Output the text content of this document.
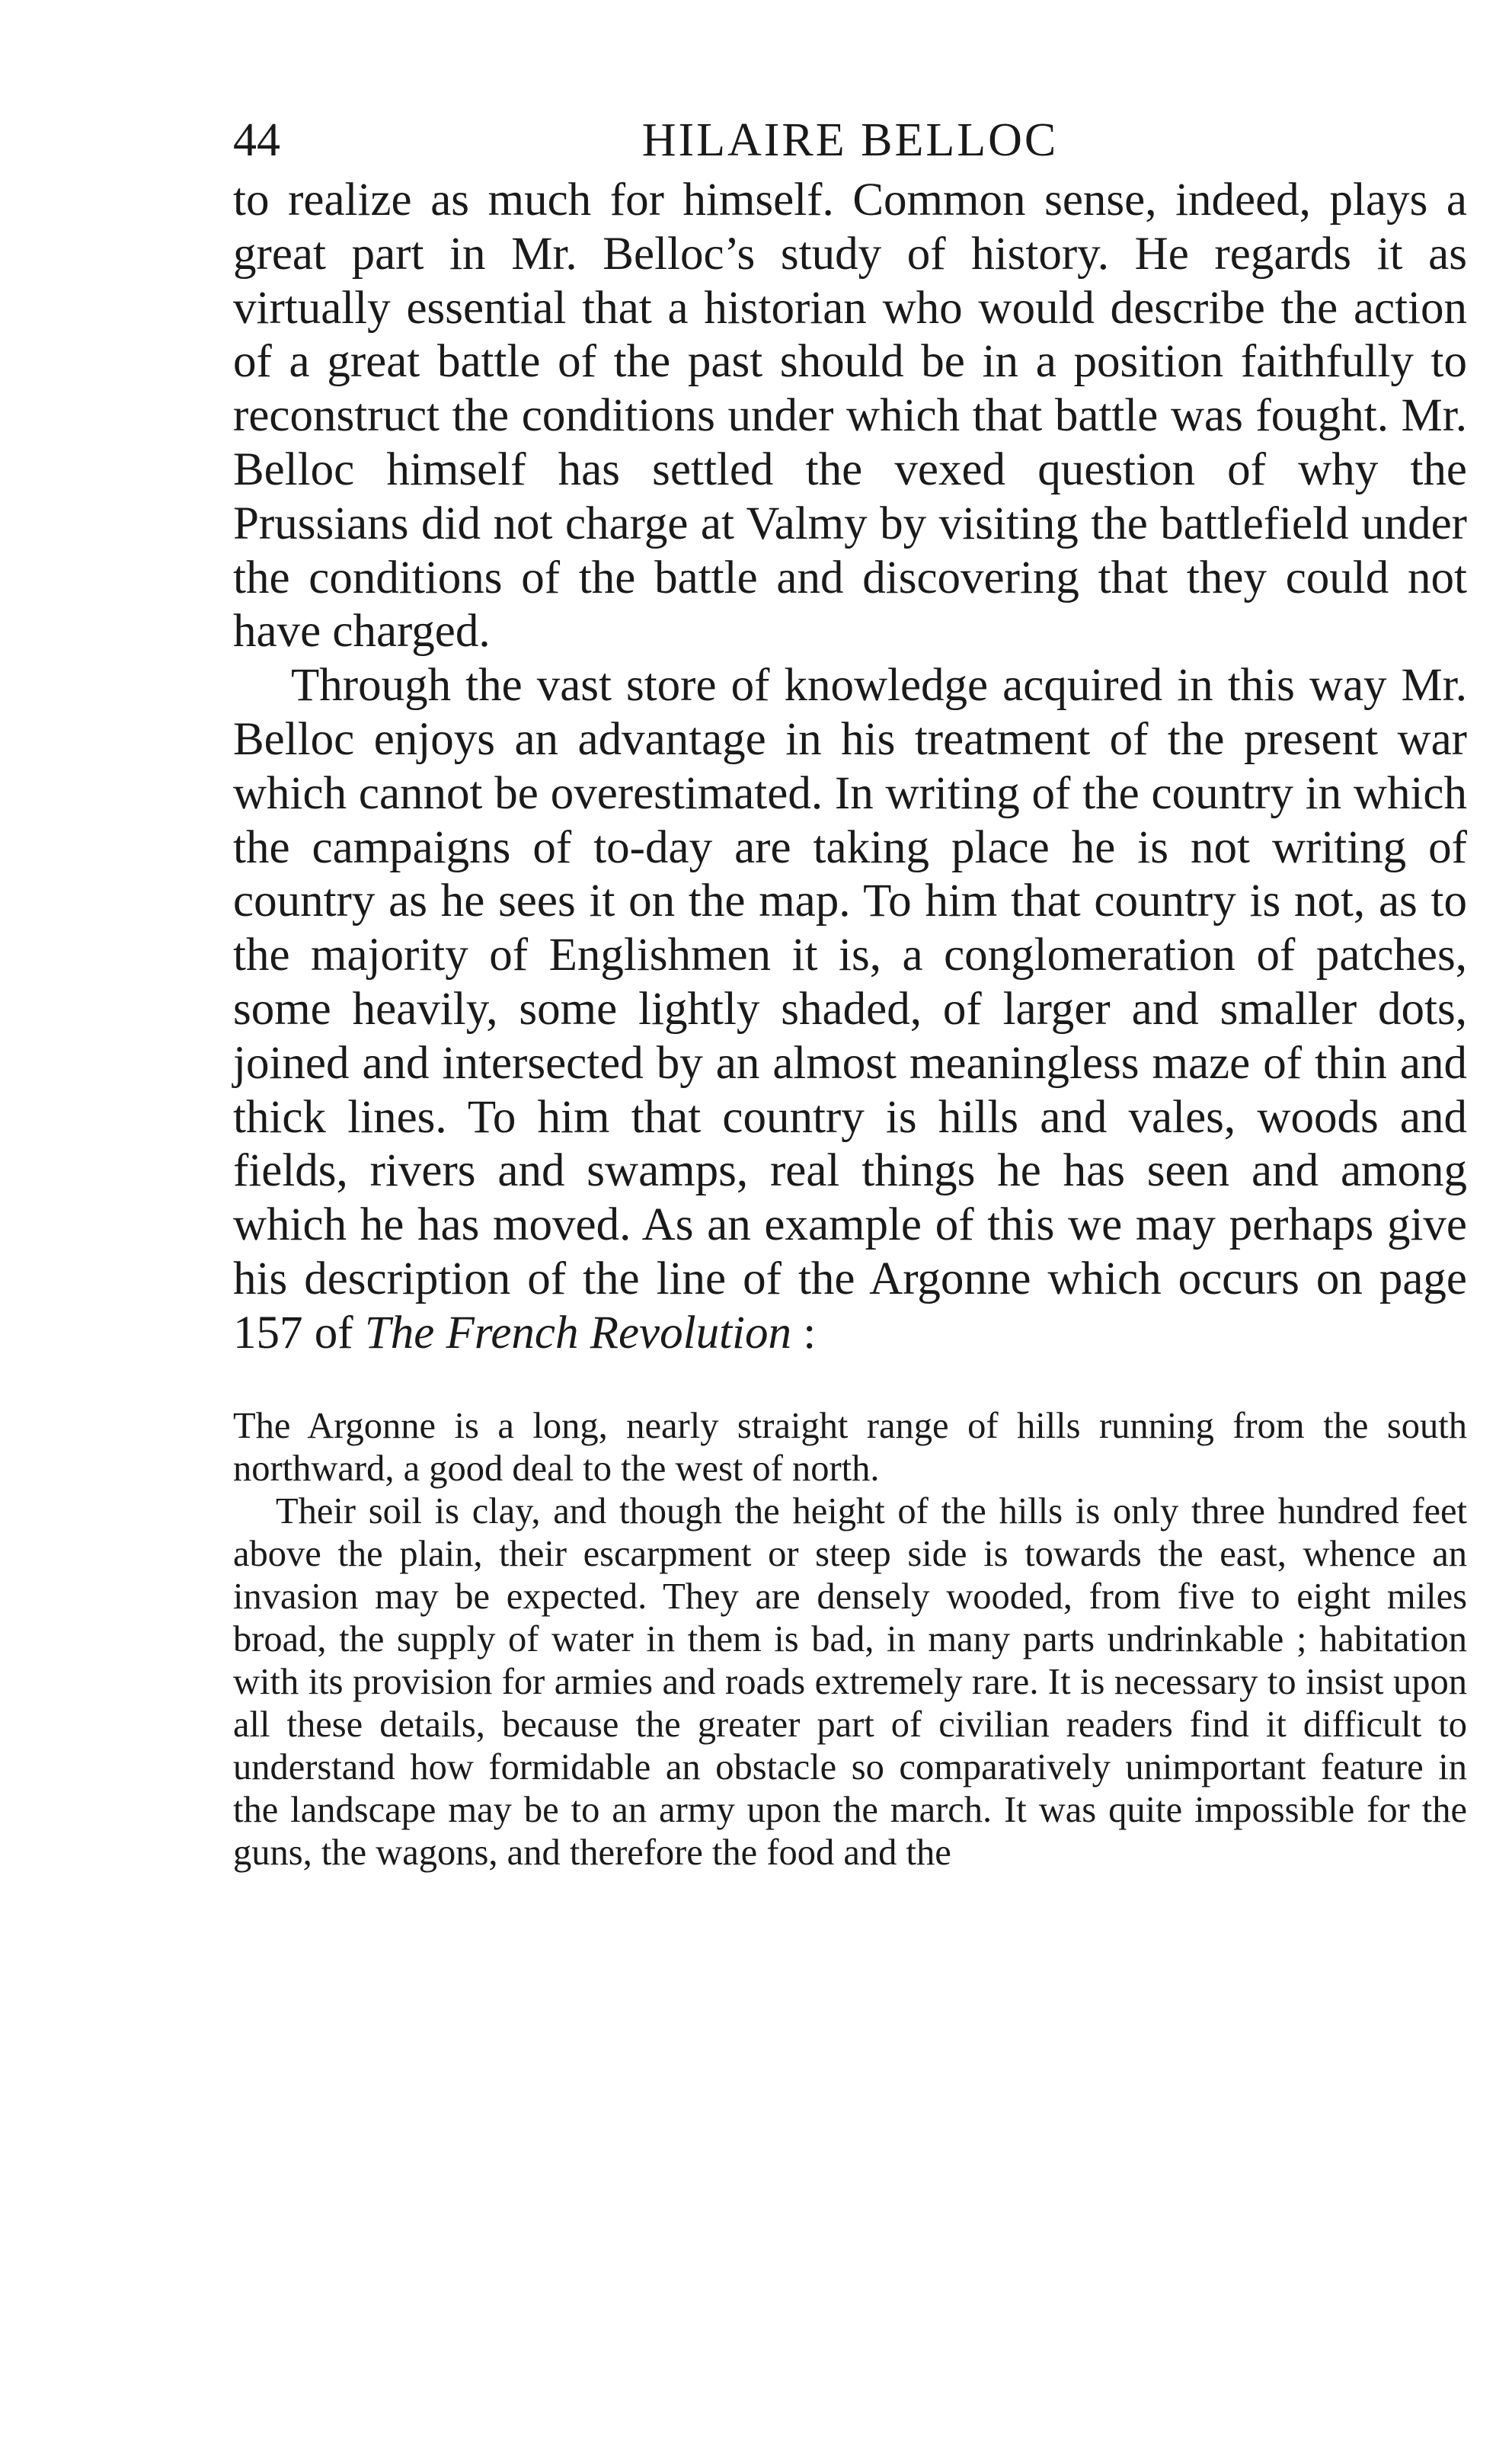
44	HILAIRE BELLOC

to realize as much for himself. Common sense, indeed, plays a great part in Mr. Belloc’s study of history. He regards it as virtually essential that a historian who would describe the action of a great battle of the past should be in a position faithfully to reconstruct the conditions under which that battle was fought. Mr. Belloc himself has settled the vexed question of why the Prussians did not charge at Valmy by visiting the battlefield under the conditions of the battle and discovering that they could not have charged.

Through the vast store of knowledge acquired in this way Mr. Belloc enjoys an advantage in his treatment of the present war which cannot be overestimated. In writing of the country in which the campaigns of to-day are taking place he is not writing of country as he sees it on the map. To him that country is not, as to the majority of Englishmen it is, a conglomeration of patches, some heavily, some lightly shaded, of larger and smaller dots, joined and intersected by an almost meaningless maze of thin and thick lines. To him that country is hills and vales, woods and fields, rivers and swamps, real things he has seen and among which he has moved. As an example of this we may perhaps give his description of the line of the Argonne which occurs on page 157 of The French Revolution :

The Argonne is a long, nearly straight range of hills running from the south northward, a good deal to the west of north.

Their soil is clay, and though the height of the hills is only three hundred feet above the plain, their escarpment or steep side is towards the east, whence an invasion may be expected. They are densely wooded, from five to eight miles broad, the supply of water in them is bad, in many parts undrinkable ; habitation with its provision for armies and roads extremely rare. It is necessary to insist upon all these details, because the greater part of civilian readers find it difficult to understand how formidable an obstacle so comparatively unimportant feature in the landscape may be to an army upon the march. It was quite impossible for the guns, the wagons, and therefore the food and the
